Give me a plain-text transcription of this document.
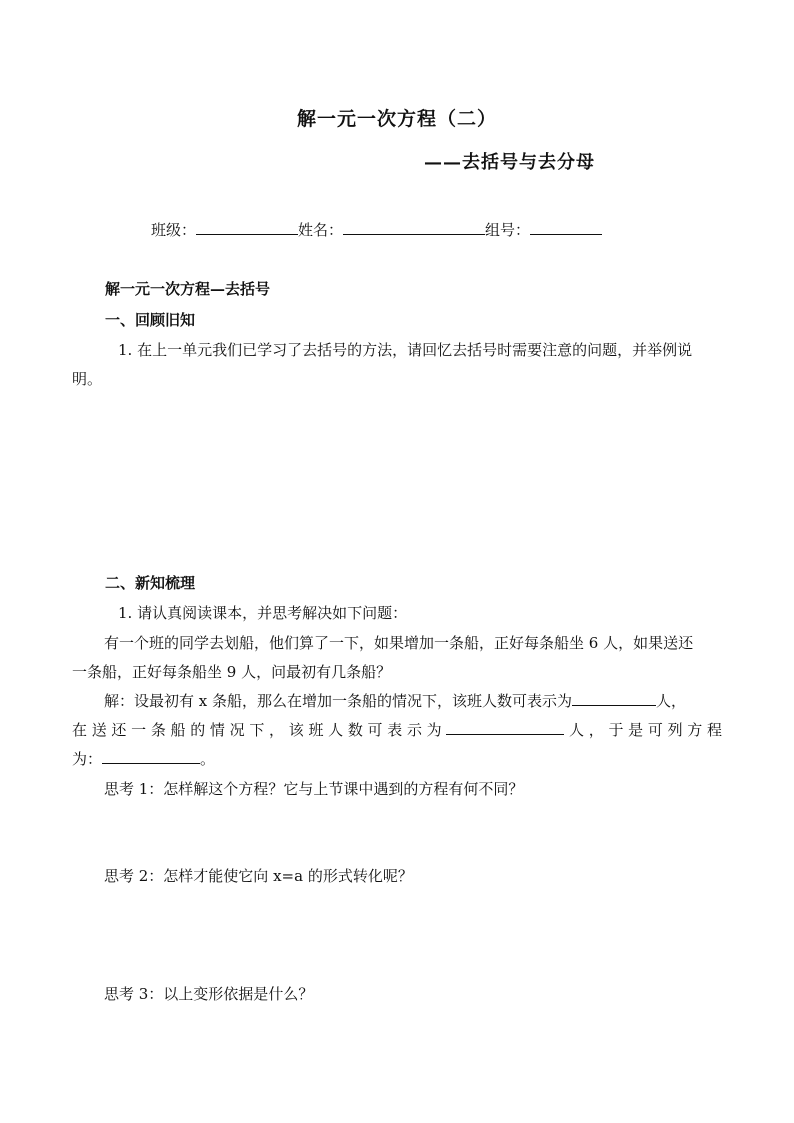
解一元一次方程（二）
——去括号与去分母
班级：	姓名：	组号：
解一元一次方程—去括号
一、回顾旧知
1. 在上一单元我们已学习了去括号的方法，请回忆去括号时需要注意的问题，并举例说
明。
二、新知梳理
1. 请认真阅读课本，并思考解决如下问题：
有一个班的同学去划船，他们算了一下，如果增加一条船，正好每条船坐 6 人，如果送还
一条船，正好每条船坐 9 人，问最初有几条船？
解：设最初有 x 条船，那么在增加一条船的情况下，该班人数可表示为	人，
在 送 还 一 条 船 的 情 况 下 ， 该 班 人 数 可 表 示 为	人 ， 于 是 可 列 方 程
为：	。
思考 1：怎样解这个方程？它与上节课中遇到的方程有何不同？
思考 2：怎样才能使它向 x=a 的形式转化呢？
思考 3：以上变形依据是什么？
